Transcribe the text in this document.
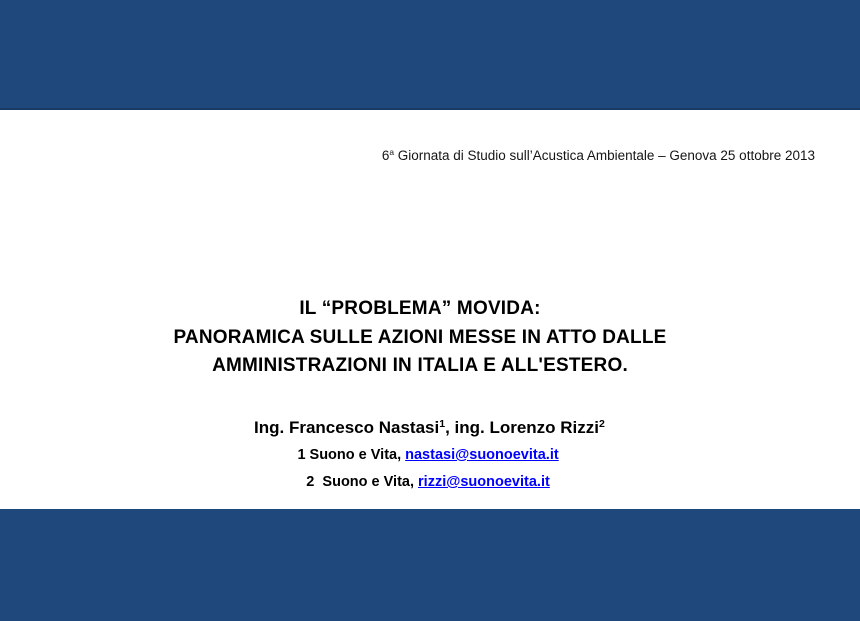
6$^a$ Giornata di Studio sull’Acustica Ambientale – Genova 25 ottobre 2013

IL “PROBLEMA” MOVIDA:
PANORAMICA SULLE AZIONI MESSE IN ATTO DALLE
AMMINISTRAZIONI IN ITALIA E ALL'ESTERO.

Ing. Francesco Nastasi$^1$, ing. Lorenzo Rizzi$^2$

1 Suono e Vita, nastasi@suonoevita.it

2  Suono e Vita, rizzi@suonoevita.it
